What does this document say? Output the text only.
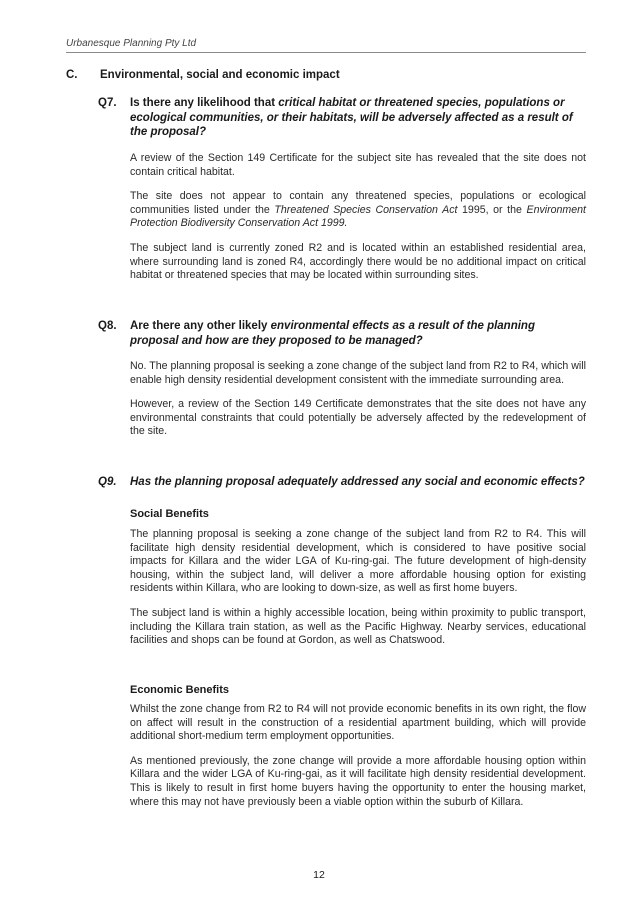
Urbanesque Planning Pty Ltd
C. Environmental, social and economic impact
Q7. Is there any likelihood that critical habitat or threatened species, populations or ecological communities, or their habitats, will be adversely affected as a result of the proposal?

A review of the Section 149 Certificate for the subject site has revealed that the site does not contain critical habitat.

The site does not appear to contain any threatened species, populations or ecological communities listed under the Threatened Species Conservation Act 1995, or the Environment Protection Biodiversity Conservation Act 1999.

The subject land is currently zoned R2 and is located within an established residential area, where surrounding land is zoned R4, accordingly there would be no additional impact on critical habitat or threatened species that may be located within surrounding sites.

Q8. Are there any other likely environmental effects as a result of the planning proposal and how are they proposed to be managed?

No. The planning proposal is seeking a zone change of the subject land from R2 to R4, which will enable high density residential development consistent with the immediate surrounding area.

However, a review of the Section 149 Certificate demonstrates that the site does not have any environmental constraints that could potentially be adversely affected by the redevelopment of the site.

Q9. Has the planning proposal adequately addressed any social and economic effects?
Social Benefits

The planning proposal is seeking a zone change of the subject land from R2 to R4. This will facilitate high density residential development, which is considered to have positive social impacts for Killara and the wider LGA of Ku-ring-gai. The future development of high-density housing, within the subject land, will deliver a more affordable housing option for existing residents within Killara, who are looking to down-size, as well as first home buyers.

The subject land is within a highly accessible location, being within proximity to public transport, including the Killara train station, as well as the Pacific Highway. Nearby services, educational facilities and shops can be found at Gordon, as well as Chatswood.

Economic Benefits

Whilst the zone change from R2 to R4 will not provide economic benefits in its own right, the flow on affect will result in the construction of a residential apartment building, which will provide additional short-medium term employment opportunities.

As mentioned previously, the zone change will provide a more affordable housing option within Killara and the wider LGA of Ku-ring-gai, as it will facilitate high density residential development. This is likely to result in first home buyers having the opportunity to enter the housing market, where this may not have previously been a viable option within the suburb of Killara.

12
